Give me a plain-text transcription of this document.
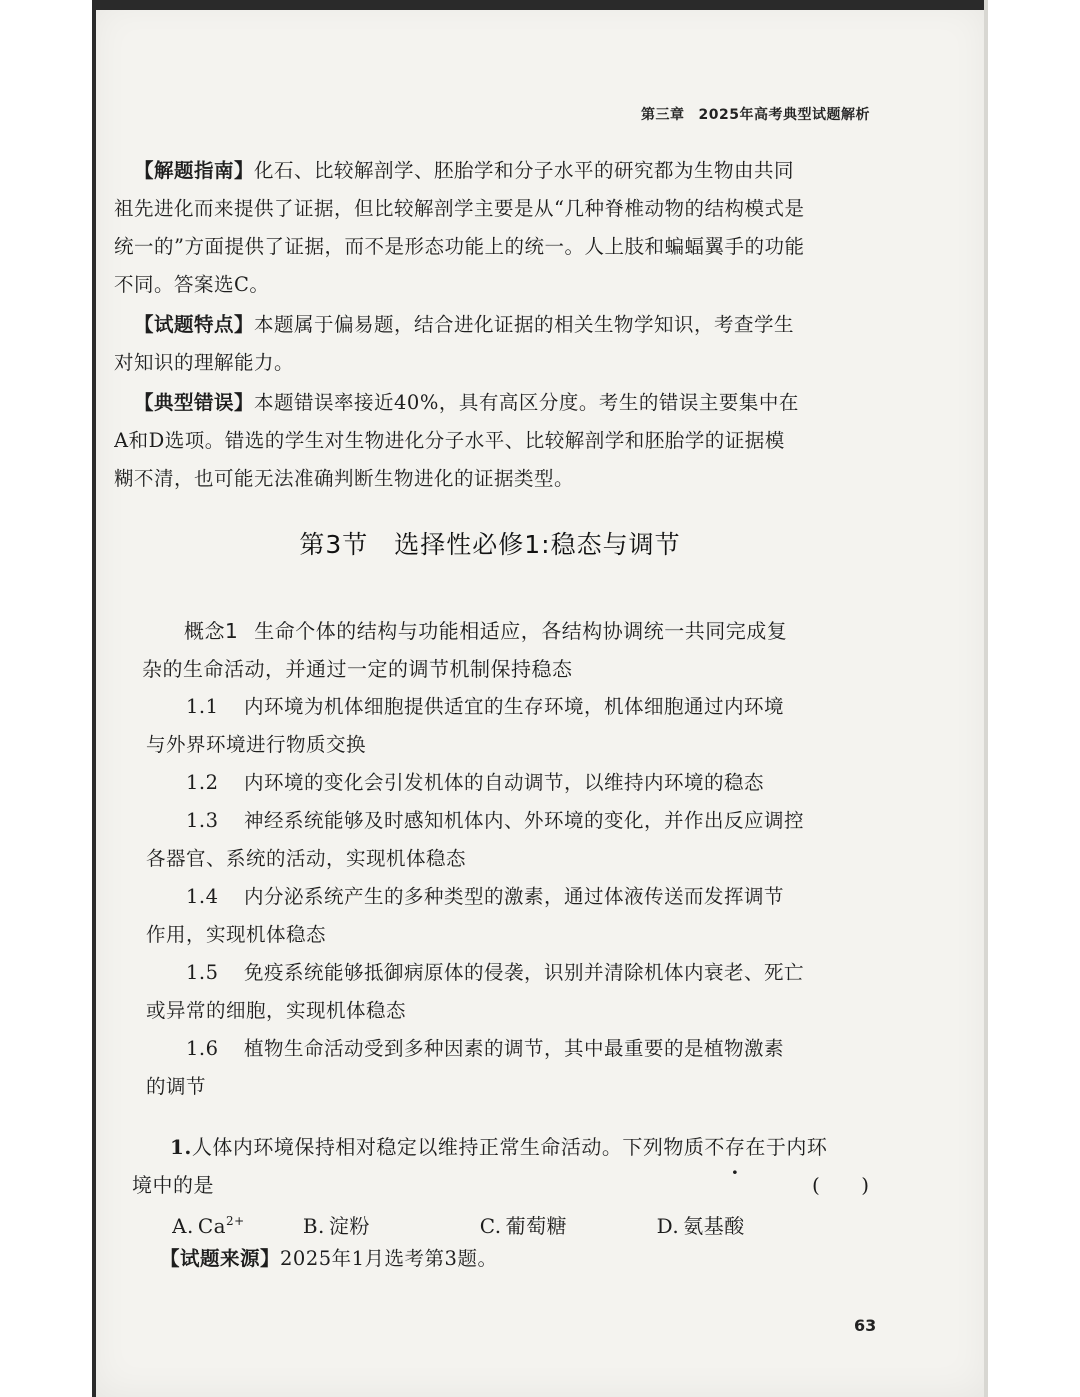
第三章 2025年高考典型试题解析
【解题指南】化石、比较解剖学、胚胎学和分子水平的研究都为生物由共同
祖先进化而来提供了证据，但比较解剖学主要是从“几种脊椎动物的结构模式是
统一的”方面提供了证据，而不是形态功能上的统一。人上肢和蝙蝠翼手的功能
不同。答案选C。
【试题特点】本题属于偏易题，结合进化证据的相关生物学知识，考查学生
对知识的理解能力。
【典型错误】本题错误率接近40%，具有高区分度。考生的错误主要集中在
A和D选项。错选的学生对生物进化分子水平、比较解剖学和胚胎学的证据模
糊不清，也可能无法准确判断生物进化的证据类型。
第3节 选择性必修1:稳态与调节
概念1 生命个体的结构与功能相适应，各结构协调统一共同完成复
杂的生命活动，并通过一定的调节机制保持稳态
1.1 内环境为机体细胞提供适宜的生存环境，机体细胞通过内环境
与外界环境进行物质交换
1.2 内环境的变化会引发机体的自动调节，以维持内环境的稳态
1.3 神经系统能够及时感知机体内、外环境的变化，并作出反应调控
各器官、系统的活动，实现机体稳态
1.4 内分泌系统产生的多种类型的激素，通过体液传送而发挥调节
作用，实现机体稳态
1.5 免疫系统能够抵御病原体的侵袭，识别并清除机体内衰老、死亡
或异常的细胞，实现机体稳态
1.6 植物生命活动受到多种因素的调节，其中最重要的是植物激素
的调节
1.人体内环境保持相对稳定以维持正常生命活动。下列物质不存在于内环
境中的是	(　　)
A. $Ca^{2+}$	B. 淀粉	C. 葡萄糖	D. 氨基酸
【试题来源】2025年1月选考第3题。
63
